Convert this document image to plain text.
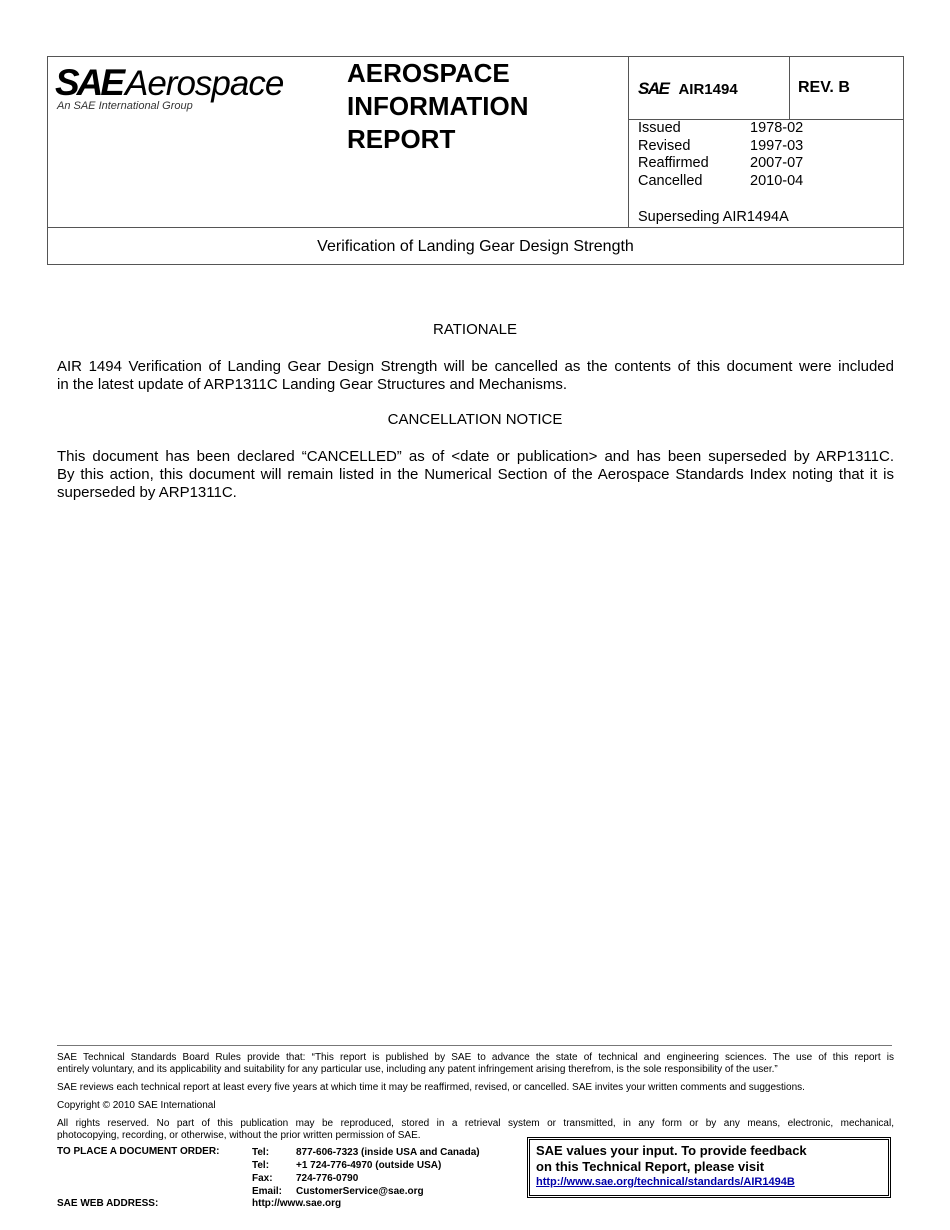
SAE Aerospace
An SAE International Group
AEROSPACE
INFORMATION
REPORT
SAE AIR1494	REV. B
Issued	1978-02
Revised	1997-03
Reaffirmed	2007-07
Cancelled	2010-04
Superseding AIR1494A
Verification of Landing Gear Design Strength
RATIONALE
AIR 1494 Verification of Landing Gear Design Strength will be cancelled as the contents of this document were included
in the latest update of ARP1311C Landing Gear Structures and Mechanisms.
CANCELLATION NOTICE
This document has been declared “CANCELLED” as of <date or publication> and has been superseded by ARP1311C.
By this action, this document will remain listed in the Numerical Section of the Aerospace Standards Index noting that it is
superseded by ARP1311C.
SAE Technical Standards Board Rules provide that: “This report is published by SAE to advance the state of technical and engineering sciences. The use of this report is
entirely voluntary, and its applicability and suitability for any particular use, including any patent infringement arising therefrom, is the sole responsibility of the user.”
SAE reviews each technical report at least every five years at which time it may be reaffirmed, revised, or cancelled. SAE invites your written comments and suggestions.
Copyright © 2010 SAE International
All rights reserved. No part of this publication may be reproduced, stored in a retrieval system or transmitted, in any form or by any means, electronic, mechanical,
photocopying, recording, or otherwise, without the prior written permission of SAE.
TO PLACE A DOCUMENT ORDER:	Tel:	877-606-7323 (inside USA and Canada)
Tel:	+1 724-776-4970 (outside USA)
Fax:	724-776-0790
Email:	CustomerService@sae.org
SAE WEB ADDRESS:	http://www.sae.org
SAE values your input. To provide feedback
on this Technical Report, please visit
http://www.sae.org/technical/standards/AIR1494B
